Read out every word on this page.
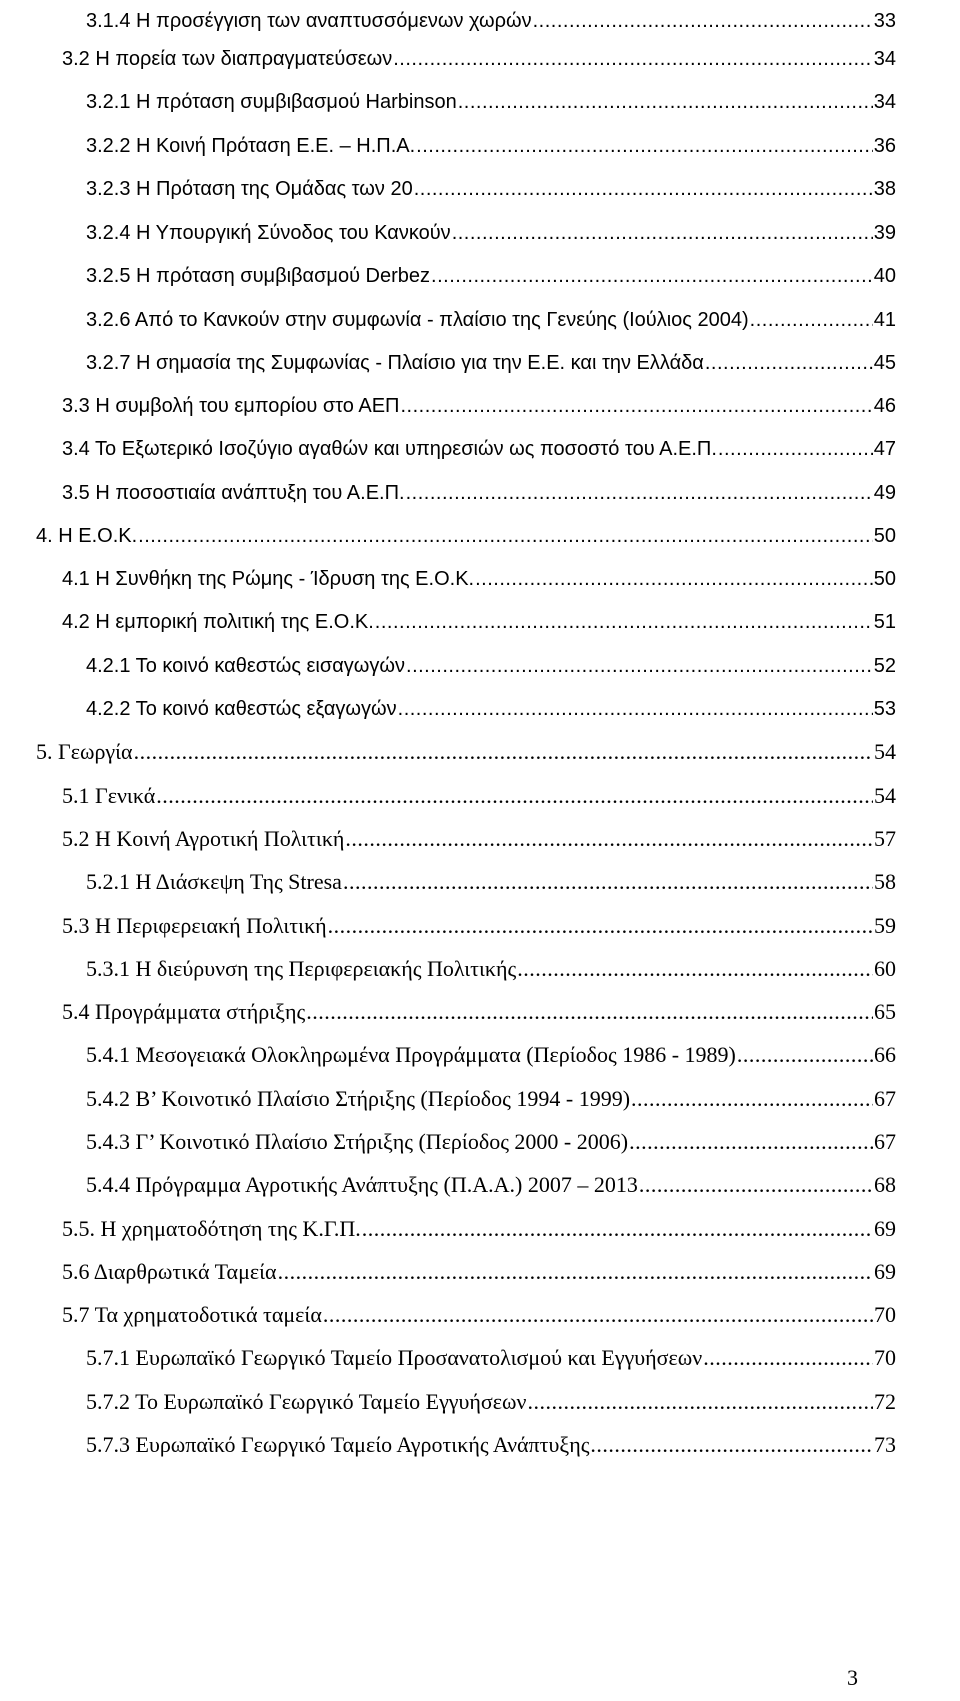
3.1.4 Η προσέγγιση των αναπτυσσόμενων χωρών .....	33
3.2 Η πορεία των διαπραγματεύσεων .....	34
3.2.1 Η πρόταση συμβιβασμού Harbinson .....	34
3.2.2 Η Κοινή Πρόταση Ε.Ε. – Η.Π.Α. .....	36
3.2.3 Η Πρόταση της Ομάδας των 20 .....	38
3.2.4 Η Υπουργική Σύνοδος του Κανκούν .....	39
3.2.5 Η πρόταση συμβιβασμού Derbez .....	40
3.2.6 Από το Κανκούν στην συμφωνία - πλαίσιο της Γενεύης (Ιούλιος 2004) .....	41
3.2.7 Η σημασία της Συμφωνίας - Πλαίσιο για την Ε.Ε. και την Ελλάδα .....	45
3.3 Η συμβολή του εμπορίου στο ΑΕΠ .....	46
3.4 Το Εξωτερικό Ισοζύγιο αγαθών και υπηρεσιών ως ποσοστό του Α.Ε.Π. .....	47
3.5 Η ποσοστιαία ανάπτυξη του Α.Ε.Π. .....	49
4. Η Ε.Ο.Κ. .....	50
4.1 Η Συνθήκη της Ρώμης - Ίδρυση της Ε.Ο.Κ. .....	50
4.2 Η εμπορική πολιτική της Ε.Ο.Κ. .....	51
4.2.1 Το κοινό καθεστώς εισαγωγών .....	52
4.2.2 Το κοινό καθεστώς εξαγωγών .....	53
5. Γεωργία .....	54
5.1 Γενικά .....	54
5.2 Η Κοινή Αγροτική Πολιτική .....	57
5.2.1 Η Διάσκεψη Της Stresa .....	58
5.3 Η Περιφερειακή Πολιτική .....	59
5.3.1 Η διεύρυνση της Περιφερειακής Πολιτικής .....	60
5.4 Προγράμματα στήριξης .....	65
5.4.1 Μεσογειακά Ολοκληρωμένα Προγράμματα (Περίοδος 1986 - 1989) .....	66
5.4.2 Β’ Κοινοτικό Πλαίσιο Στήριξης (Περίοδος 1994 - 1999) .....	67
5.4.3 Γ’ Κοινοτικό Πλαίσιο Στήριξης (Περίοδος 2000 - 2006) .....	67
5.4.4 Πρόγραμμα Αγροτικής Ανάπτυξης (Π.Α.Α.) 2007 – 2013 .....	68
5.5. Η χρηματοδότηση της Κ.Γ.Π. .....	69
5.6 Διαρθρωτικά Ταμεία .....	69
5.7 Τα χρηματοδοτικά ταμεία .....	70
5.7.1 Ευρωπαϊκό Γεωργικό Ταμείο Προσανατολισμού και Εγγυήσεων .....	70
5.7.2 Το Ευρωπαϊκό Γεωργικό Ταμείο Εγγυήσεων .....	72
5.7.3 Ευρωπαϊκό Γεωργικό Ταμείο Αγροτικής Ανάπτυξης .....	73
3
